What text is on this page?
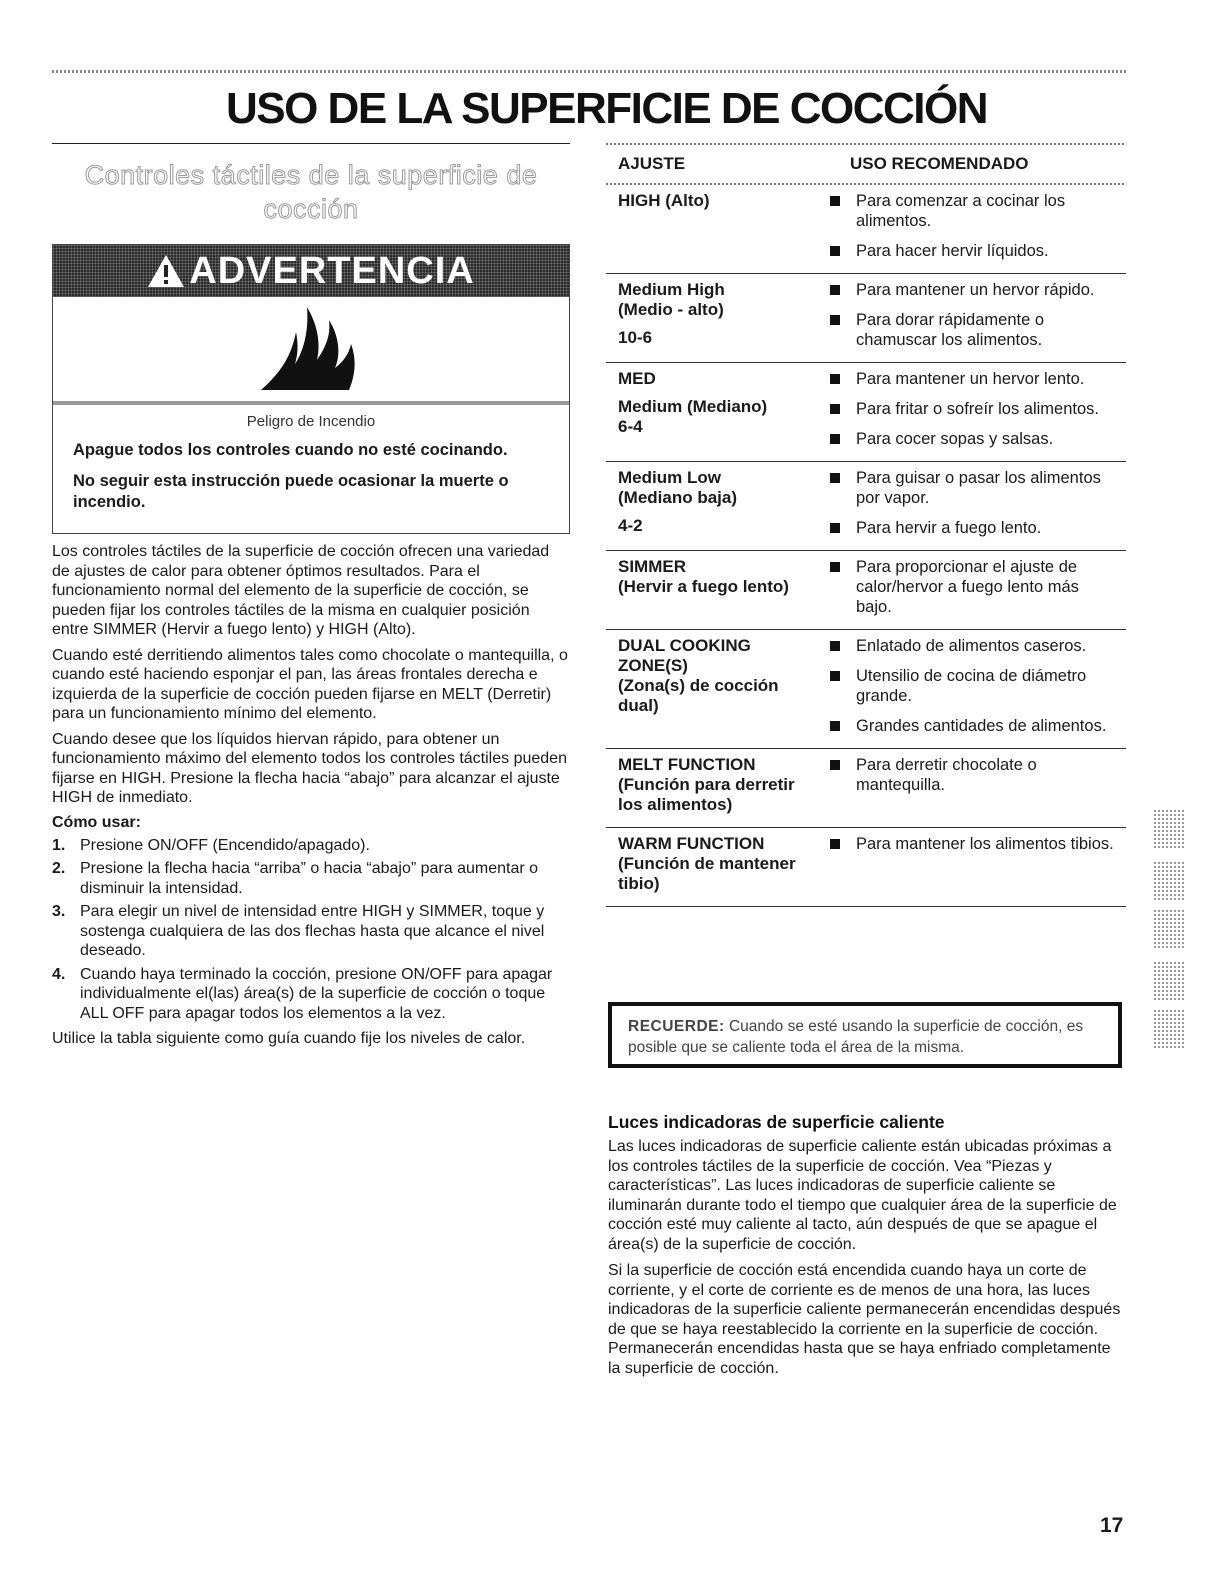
USO DE LA SUPERFICIE DE COCCIÓN
Controles táctiles de la superficie de
cocción
ADVERTENCIA
Peligro de Incendio
Apague todos los controles cuando no esté cocinando.
No seguir esta instrucción puede ocasionar la muerte o incendio.

Los controles táctiles de la superficie de cocción ofrecen una variedad de ajustes de calor para obtener óptimos resultados. Para el funcionamiento normal del elemento de la superficie de cocción, se pueden fijar los controles táctiles de la misma en cualquier posición entre SIMMER (Hervir a fuego lento) y HIGH (Alto).

Cuando esté derritiendo alimentos tales como chocolate o mantequilla, o cuando esté haciendo esponjar el pan, las áreas frontales derecha e izquierda de la superficie de cocción pueden fijarse en MELT (Derretir) para un funcionamiento mínimo del elemento.

Cuando desee que los líquidos hiervan rápido, para obtener un funcionamiento máximo del elemento todos los controles táctiles pueden fijarse en HIGH. Presione la flecha hacia “abajo” para alcanzar el ajuste HIGH de inmediato.

Cómo usar:
1. Presione ON/OFF (Encendido/apagado).
2. Presione la flecha hacia “arriba” o hacia “abajo” para aumentar o disminuir la intensidad.
3. Para elegir un nivel de intensidad entre HIGH y SIMMER, toque y sostenga cualquiera de las dos flechas hasta que alcance el nivel deseado.
4. Cuando haya terminado la cocción, presione ON/OFF para apagar individualmente el(las) área(s) de la superficie de cocción o toque ALL OFF para apagar todos los elementos a la vez.

Utilice la tabla siguiente como guía cuando fije los niveles de calor.

AJUSTE	USO RECOMENDADO
HIGH (Alto)	Para comenzar a cocinar los alimentos.
Para hacer hervir líquidos.
Medium High
(Medio - alto)
10-6
Para mantener un hervor rápido.
Para dorar rápidamente o chamuscar los alimentos.
MED
Medium (Mediano)
6-4
Para mantener un hervor lento.
Para fritar o sofreír los alimentos.
Para cocer sopas y salsas.
Medium Low
(Mediano baja)
4-2
Para guisar o pasar los alimentos por vapor.
Para hervir a fuego lento.
SIMMER
(Hervir a fuego lento)
Para proporcionar el ajuste de calor/hervor a fuego lento más bajo.
DUAL COOKING
ZONE(S)
(Zona(s) de cocción
dual)
Enlatado de alimentos caseros.
Utensilio de cocina de diámetro grande.
Grandes cantidades de alimentos.
MELT FUNCTION
(Función para derretir
los alimentos)
Para derretir chocolate o mantequilla.
WARM FUNCTION
(Función de mantener
tibio)
Para mantener los alimentos tibios.
RECUERDE: Cuando se esté usando la superficie de cocción, es posible que se caliente toda el área de la misma.
Luces indicadoras de superficie caliente

Las luces indicadoras de superficie caliente están ubicadas próximas a los controles táctiles de la superficie de cocción. Vea “Piezas y características”. Las luces indicadoras de superficie caliente se iluminarán durante todo el tiempo que cualquier área de la superficie de cocción esté muy caliente al tacto, aún después de que se apague el área(s) de la superficie de cocción.

Si la superficie de cocción está encendida cuando haya un corte de corriente, y el corte de corriente es de menos de una hora, las luces indicadoras de la superficie caliente permanecerán encendidas después de que se haya reestablecido la corriente en la superficie de cocción. Permanecerán encendidas hasta que se haya enfriado completamente la superficie de cocción.

17
